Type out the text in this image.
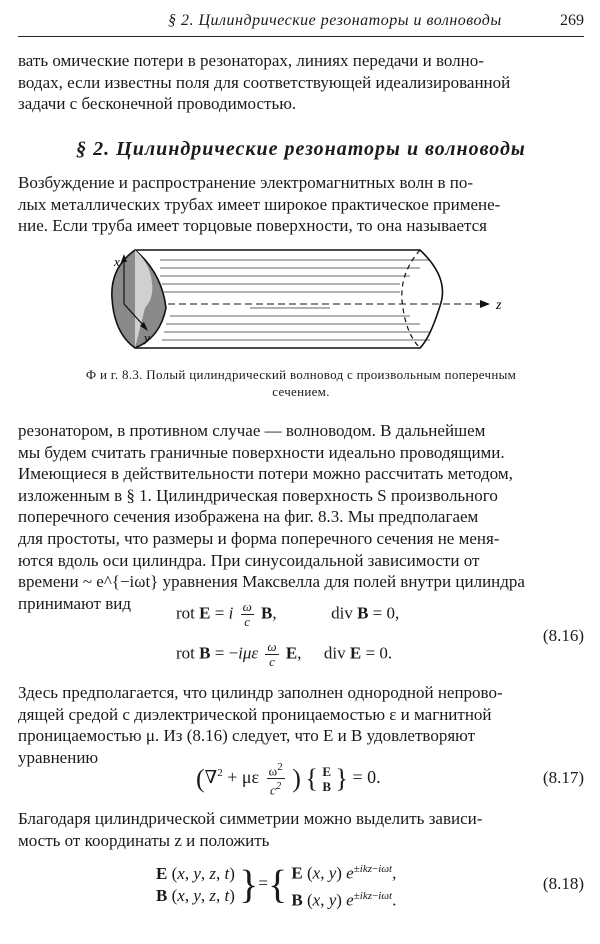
§ 2. Цилиндрические резонаторы и волноводы	269
вать омические потери в резонаторах, линиях передачи и волно-
водах, если известны поля для соответствующей идеализированной
задачи с бесконечной проводимостью.
§ 2. Цилиндрические резонаторы и волноводы
Возбуждение и распространение электромагнитных волн в по-
лых металлических трубах имеет широкое практическое примене-
ние. Если труба имеет торцовые поверхности, то она называется
x
y
z
Ф и г. 8.3. Полый цилиндрический волновод с произвольным поперечным
сечением.
резонатором, в противном случае — волноводом. В дальнейшем
мы будем считать граничные поверхности идеально проводящими.
Имеющиеся в действительности потери можно рассчитать методом,
изложенным в § 1. Цилиндрическая поверхность S произвольного
поперечного сечения изображена на фиг. 8.3. Мы предполагаем
для простоты, что размеры и форма поперечного сечения не меня-
ются вдоль оси цилиндра. При синусоидальной зависимости от
времени ~ e^{−iωt} уравнения Максвелла для полей внутри цилиндра
принимают вид
rot E = i $\frac{\omega}{c} B$,	div B = 0,
rot $B = -i\mu\varepsilon \frac{\omega}{c} E$,  div E = 0.
(8.16)
Здесь предполагается, что цилиндр заполнен однородной непрово-
дящей средой с диэлектрической проницаемостью ε и магнитной
проницаемостью μ. Из (8.16) следует, что E и B удовлетворяют
уравнению
(∇$^2$ + με $\frac{\omega^2}{c^2}$ ) { E
B } = 0.	(8.17)
Благодаря цилиндрической симметрии можно выделить зависи-
мость от координаты z и положить
E (x, y, z, t)
B (x, y, z, t) }={ E (x, y) $e^{\pm ikz-i\omega t}$,
B (x, y) $e^{\pm ikz-i\omega t}$.
(8.18)
